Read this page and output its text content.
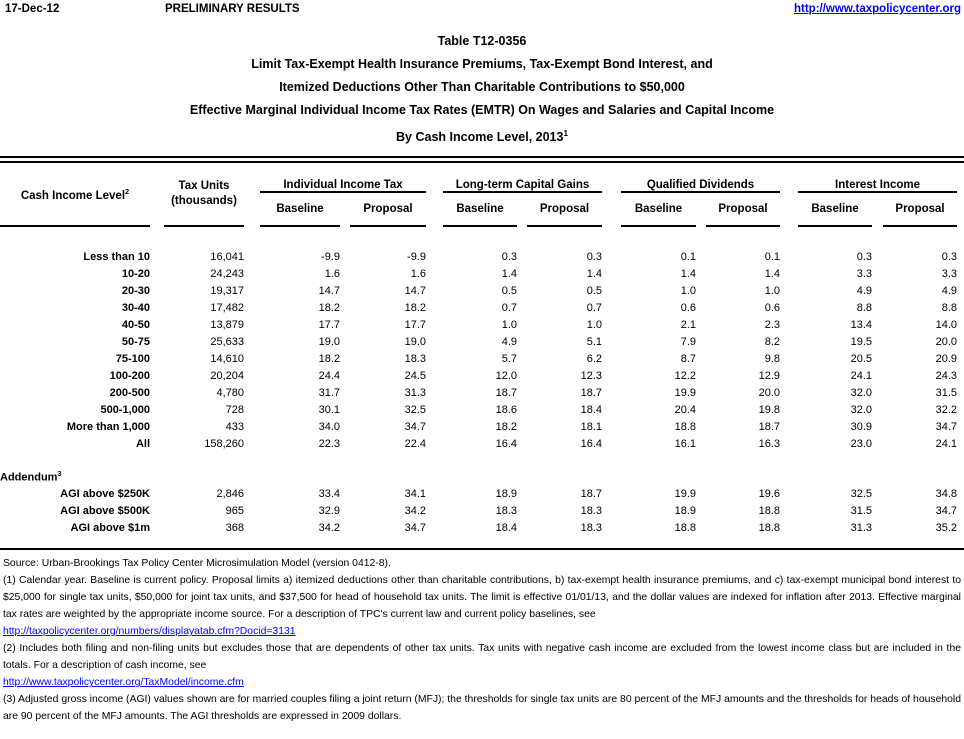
17-Dec-12	PRELIMINARY RESULTS	http://www.taxpolicycenter.org
Table T12-0356
Limit Tax-Exempt Health Insurance Premiums, Tax-Exempt Bond Interest, and
Itemized Deductions Other Than Charitable Contributions to $50,000
Effective Marginal Individual Income Tax Rates (EMTR) On Wages and Salaries and Capital Income
By Cash Income Level, 2013$^1$
Cash Income Level$^2$		Tax Units
(thousands)		Individual Income Tax				Long-term Capital Gains				Qualified Dividends				Interest Income			
				Baseline		Proposal		Baseline		Proposal		Baseline		Proposal		Baseline		Proposal	

Less than 10		16,041		-9.9		-9.9		0.3		0.3		0.1		0.1		0.3		0.3	
10-20		24,243		1.6		1.6		1.4		1.4		1.4		1.4		3.3		3.3	
20-30		19,317		14.7		14.7		0.5		0.5		1.0		1.0		4.9		4.9	
30-40		17,482		18.2		18.2		0.7		0.7		0.6		0.6		8.8		8.8	
40-50		13,879		17.7		17.7		1.0		1.0		2.1		2.3		13.4		14.0	
50-75		25,633		19.0		19.0		4.9		5.1		7.9		8.2		19.5		20.0	
75-100		14,610		18.2		18.3		5.7		6.2		8.7		9.8		20.5		20.9	
100-200		20,204		24.4		24.5		12.0		12.3		12.2		12.9		24.1		24.3	
200-500		4,780		31.7		31.3		18.7		18.7		19.9		20.0		32.0		31.5	
500-1,000		728		30.1		32.5		18.6		18.4		20.4		19.8		32.0		32.2	
More than 1,000		433		34.0		34.7		18.2		18.1		18.8		18.7		30.9		34.7	
All		158,260		22.3		22.4		16.4		16.4		16.1		16.3		23.0		24.1	

Addendum$^3$
AGI above $250K		2,846		33.4		34.1		18.9		18.7		19.9		19.6		32.5		34.8	
AGI above $500K		965		32.9		34.2		18.3		18.3		18.9		18.8		31.5		34.7	
AGI above $1m		368		34.2		34.7		18.4		18.3		18.8		18.8		31.3		35.2	

Source: Urban-Brookings Tax Policy Center Microsimulation Model (version 0412-8).

(1) Calendar year. Baseline is current policy. Proposal limits a) itemized deductions other than charitable contributions, b) tax-exempt health insurance premiums, and c) tax-exempt municipal bond interest to $25,000 for single tax units, $50,000 for joint tax units, and $37,500 for head of household tax units. The limit is effective 01/01/13, and the dollar values are indexed for inflation after 2013. Effective marginal tax rates are weighted by the appropriate income source. For a description of TPC's current law and current policy baselines, see

http://taxpolicycenter.org/numbers/displayatab.cfm?Docid=3131

(2) Includes both filing and non-filing units but excludes those that are dependents of other tax units. Tax units with negative cash income are excluded from the lowest income class but are included in the totals. For a description of cash income, see

http://www.taxpolicycenter.org/TaxModel/income.cfm

(3) Adjusted gross income (AGI) values shown are for married couples filing a joint return (MFJ); the thresholds for single tax units are 80 percent of the MFJ amounts and the thresholds for heads of household are 90 percent of the MFJ amounts. The AGI thresholds are expressed in 2009 dollars.
